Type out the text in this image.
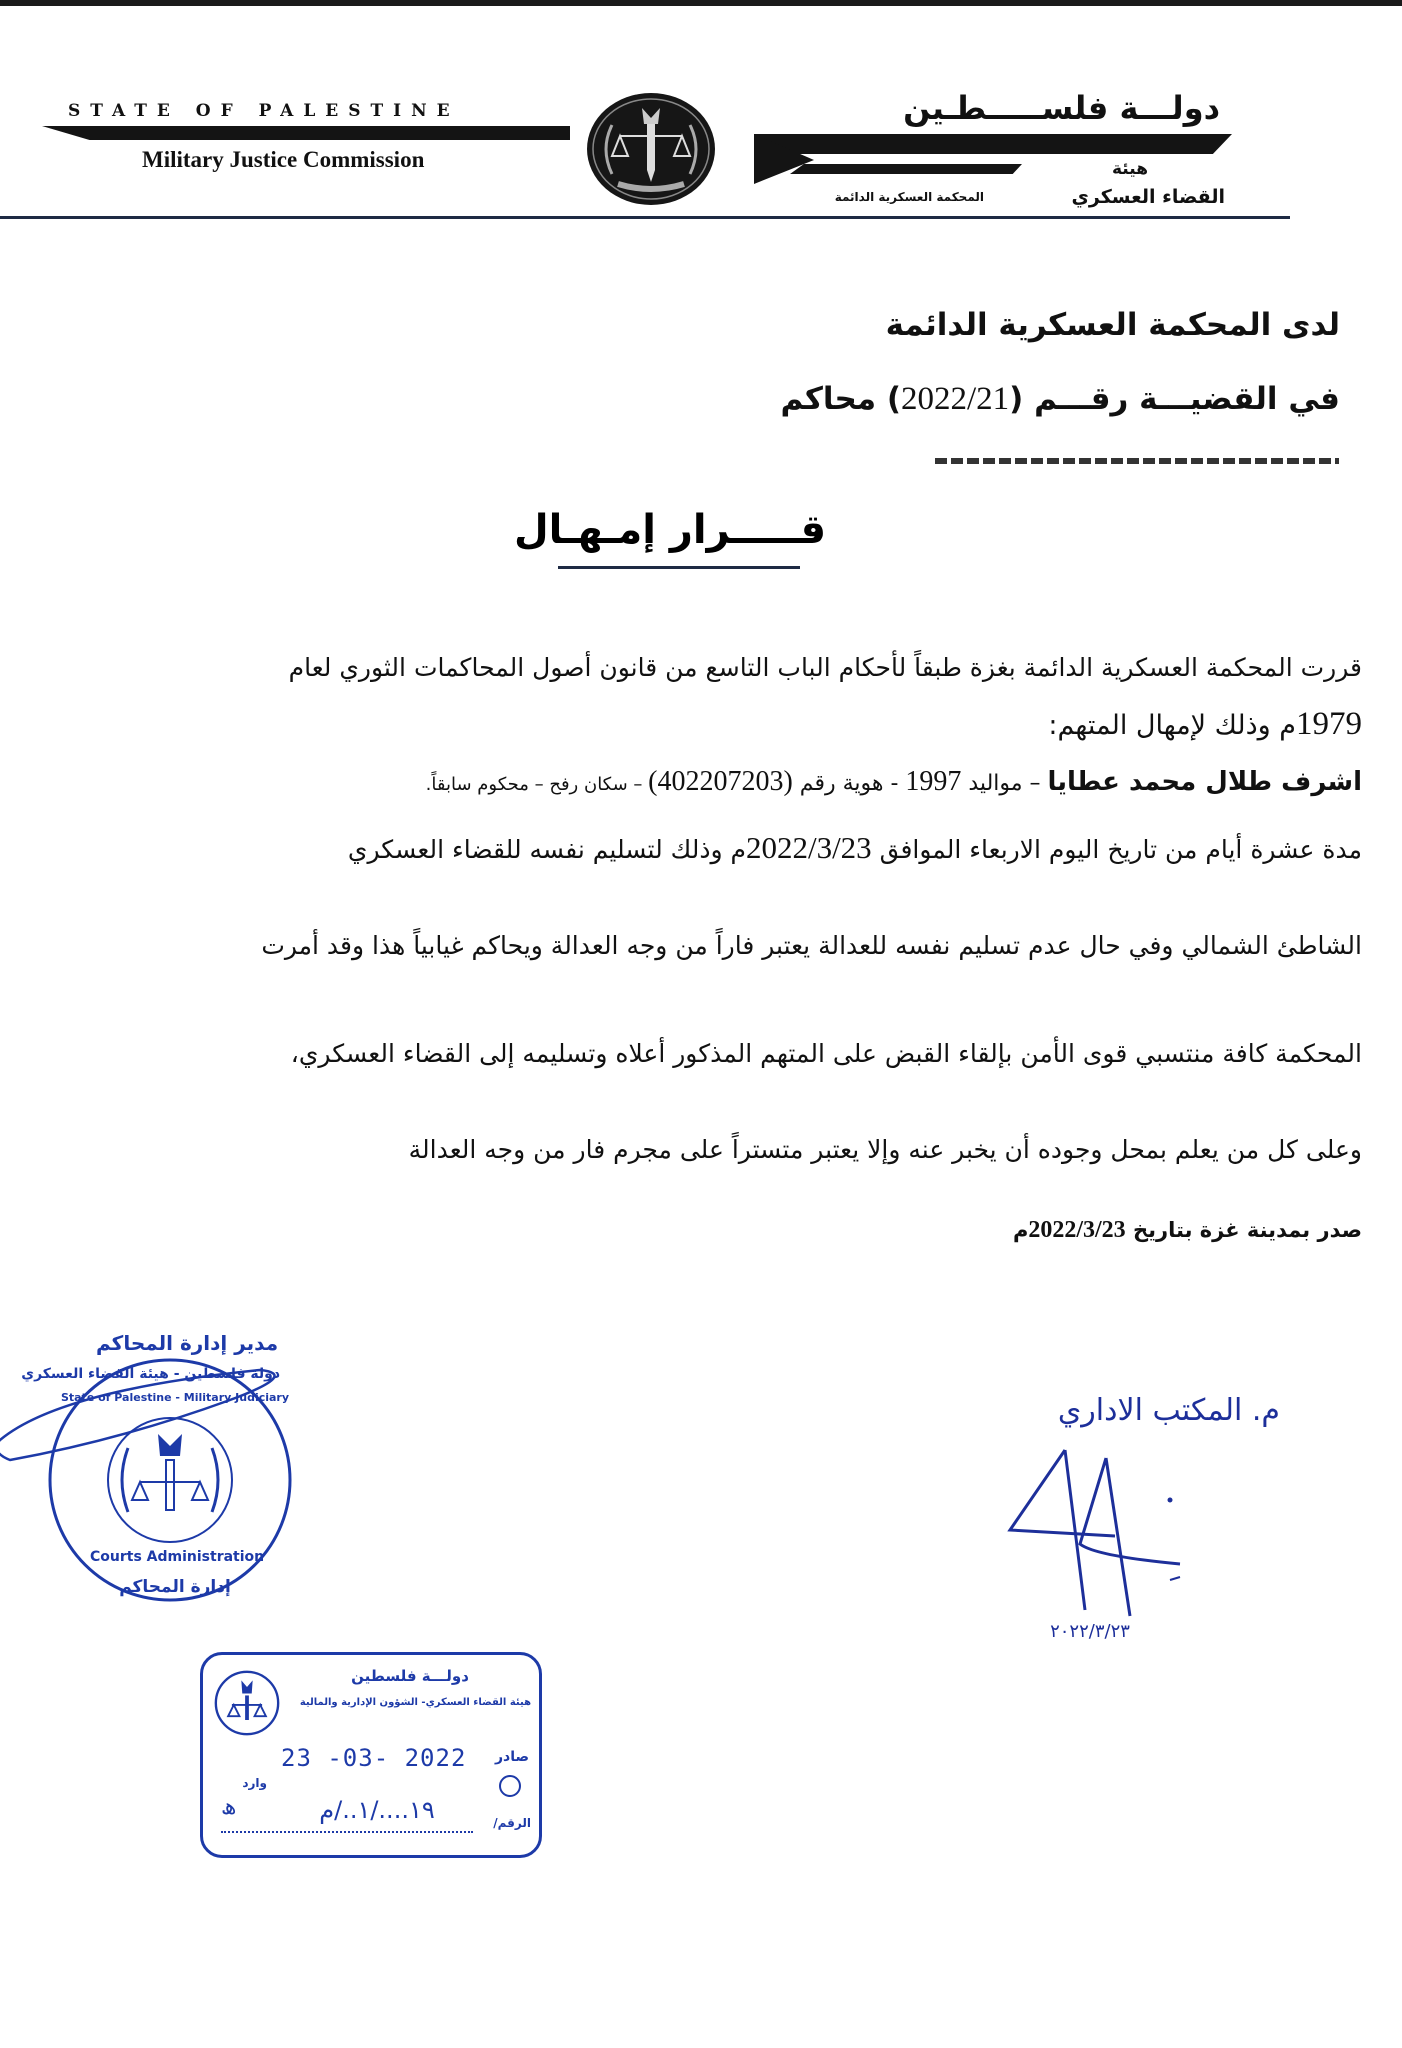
STATE OF PALESTINE
Military Justice Commission
دولـــة فلســـــطـين
هيئة
القضاء العسكري
المحكمة العسكرية الدائمة
لدى المحكمة العسكرية الدائمة
في القضيـــة رقـــم (2022/21) محاكم
قـــــرار إمـهـال
قررت المحكمة العسكرية الدائمة بغزة طبقاً لأحكام الباب التاسع من قانون أصول المحاكمات الثوري لعام
1979م وذلك لإمهال المتهم:
اشرف طلال محمد عطايا – مواليد 1997 - هوية رقم (402207203) – سكان رفح – محكوم سابقاً.
مدة عشرة أيام من تاريخ اليوم الاربعاء الموافق 2022/3/23م وذلك لتسليم نفسه للقضاء العسكري
الشاطئ الشمالي وفي حال عدم تسليم نفسه للعدالة يعتبر فاراً من وجه العدالة ويحاكم غيابياً هذا وقد أمرت
المحكمة كافة منتسبي قوى الأمن بإلقاء القبض على المتهم المذكور أعلاه وتسليمه إلى القضاء العسكري،
وعلى كل من يعلم بمحل وجوده أن يخبر عنه وإلا يعتبر متستراً على مجرم فار من وجه العدالة
صدر بمدينة غزة بتاريخ 2022/3/23م
مدير إدارة المحاكم
دولة فلسطين - هيئة القضاء العسكري
State of Palestine - Military Judiciary
Courts Administration
إدارة المحاكم
دولـــة فلسطين
هيئة القضاء العسكري- الشؤون الإدارية والمالية
23 -03- 2022	صادر
وارد
ھ	١٩..../١../م	الرقم/
م. المكتب الاداري
٢٠٢٢/٣/٢٣
